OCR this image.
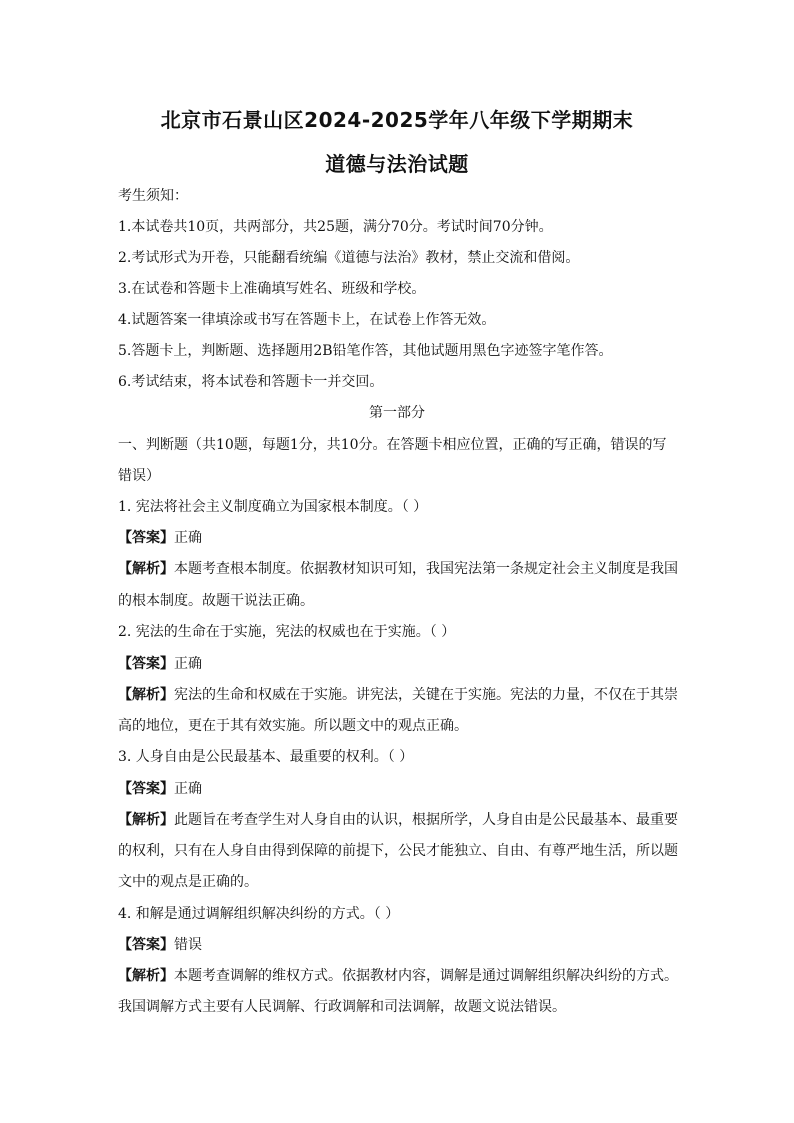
北京市石景山区2024-2025学年八年级下学期期末
道德与法治试题

考生须知：

1.本试卷共10页，共两部分，共25题，满分70分。考试时间70分钟。

2.考试形式为开卷，只能翻看统编《道德与法治》教材，禁止交流和借阅。

3.在试卷和答题卡上准确填写姓名、班级和学校。

4.试题答案一律填涂或书写在答题卡上，在试卷上作答无效。

5.答题卡上，判断题、选择题用2B铅笔作答，其他试题用黑色字迹签字笔作答。

6.考试结束，将本试卷和答题卡一并交回。

第一部分

一、判断题（共10题，每题1分，共10分。在答题卡相应位置，正确的写正确，错误的写

错误）

1. 宪法将社会主义制度确立为国家根本制度。（ ）

【答案】正确

【解析】本题考查根本制度。依据教材知识可知，我国宪法第一条规定社会主义制度是我国

的根本制度。故题干说法正确。

2. 宪法的生命在于实施，宪法的权威也在于实施。（ ）

【答案】正确

【解析】宪法的生命和权威在于实施。讲宪法，关键在于实施。宪法的力量，不仅在于其崇

高的地位，更在于其有效实施。所以题文中的观点正确。

3. 人身自由是公民最基本、最重要的权利。（ ）

【答案】正确

【解析】此题旨在考查学生对人身自由的认识，根据所学，人身自由是公民最基本、最重要

的权利，只有在人身自由得到保障的前提下，公民才能独立、自由、有尊严地生活，所以题

文中的观点是正确的。

4. 和解是通过调解组织解决纠纷的方式。（ ）

【答案】错误

【解析】本题考查调解的维权方式。依据教材内容，调解是通过调解组织解决纠纷的方式。

我国调解方式主要有人民调解、行政调解和司法调解，故题文说法错误。
